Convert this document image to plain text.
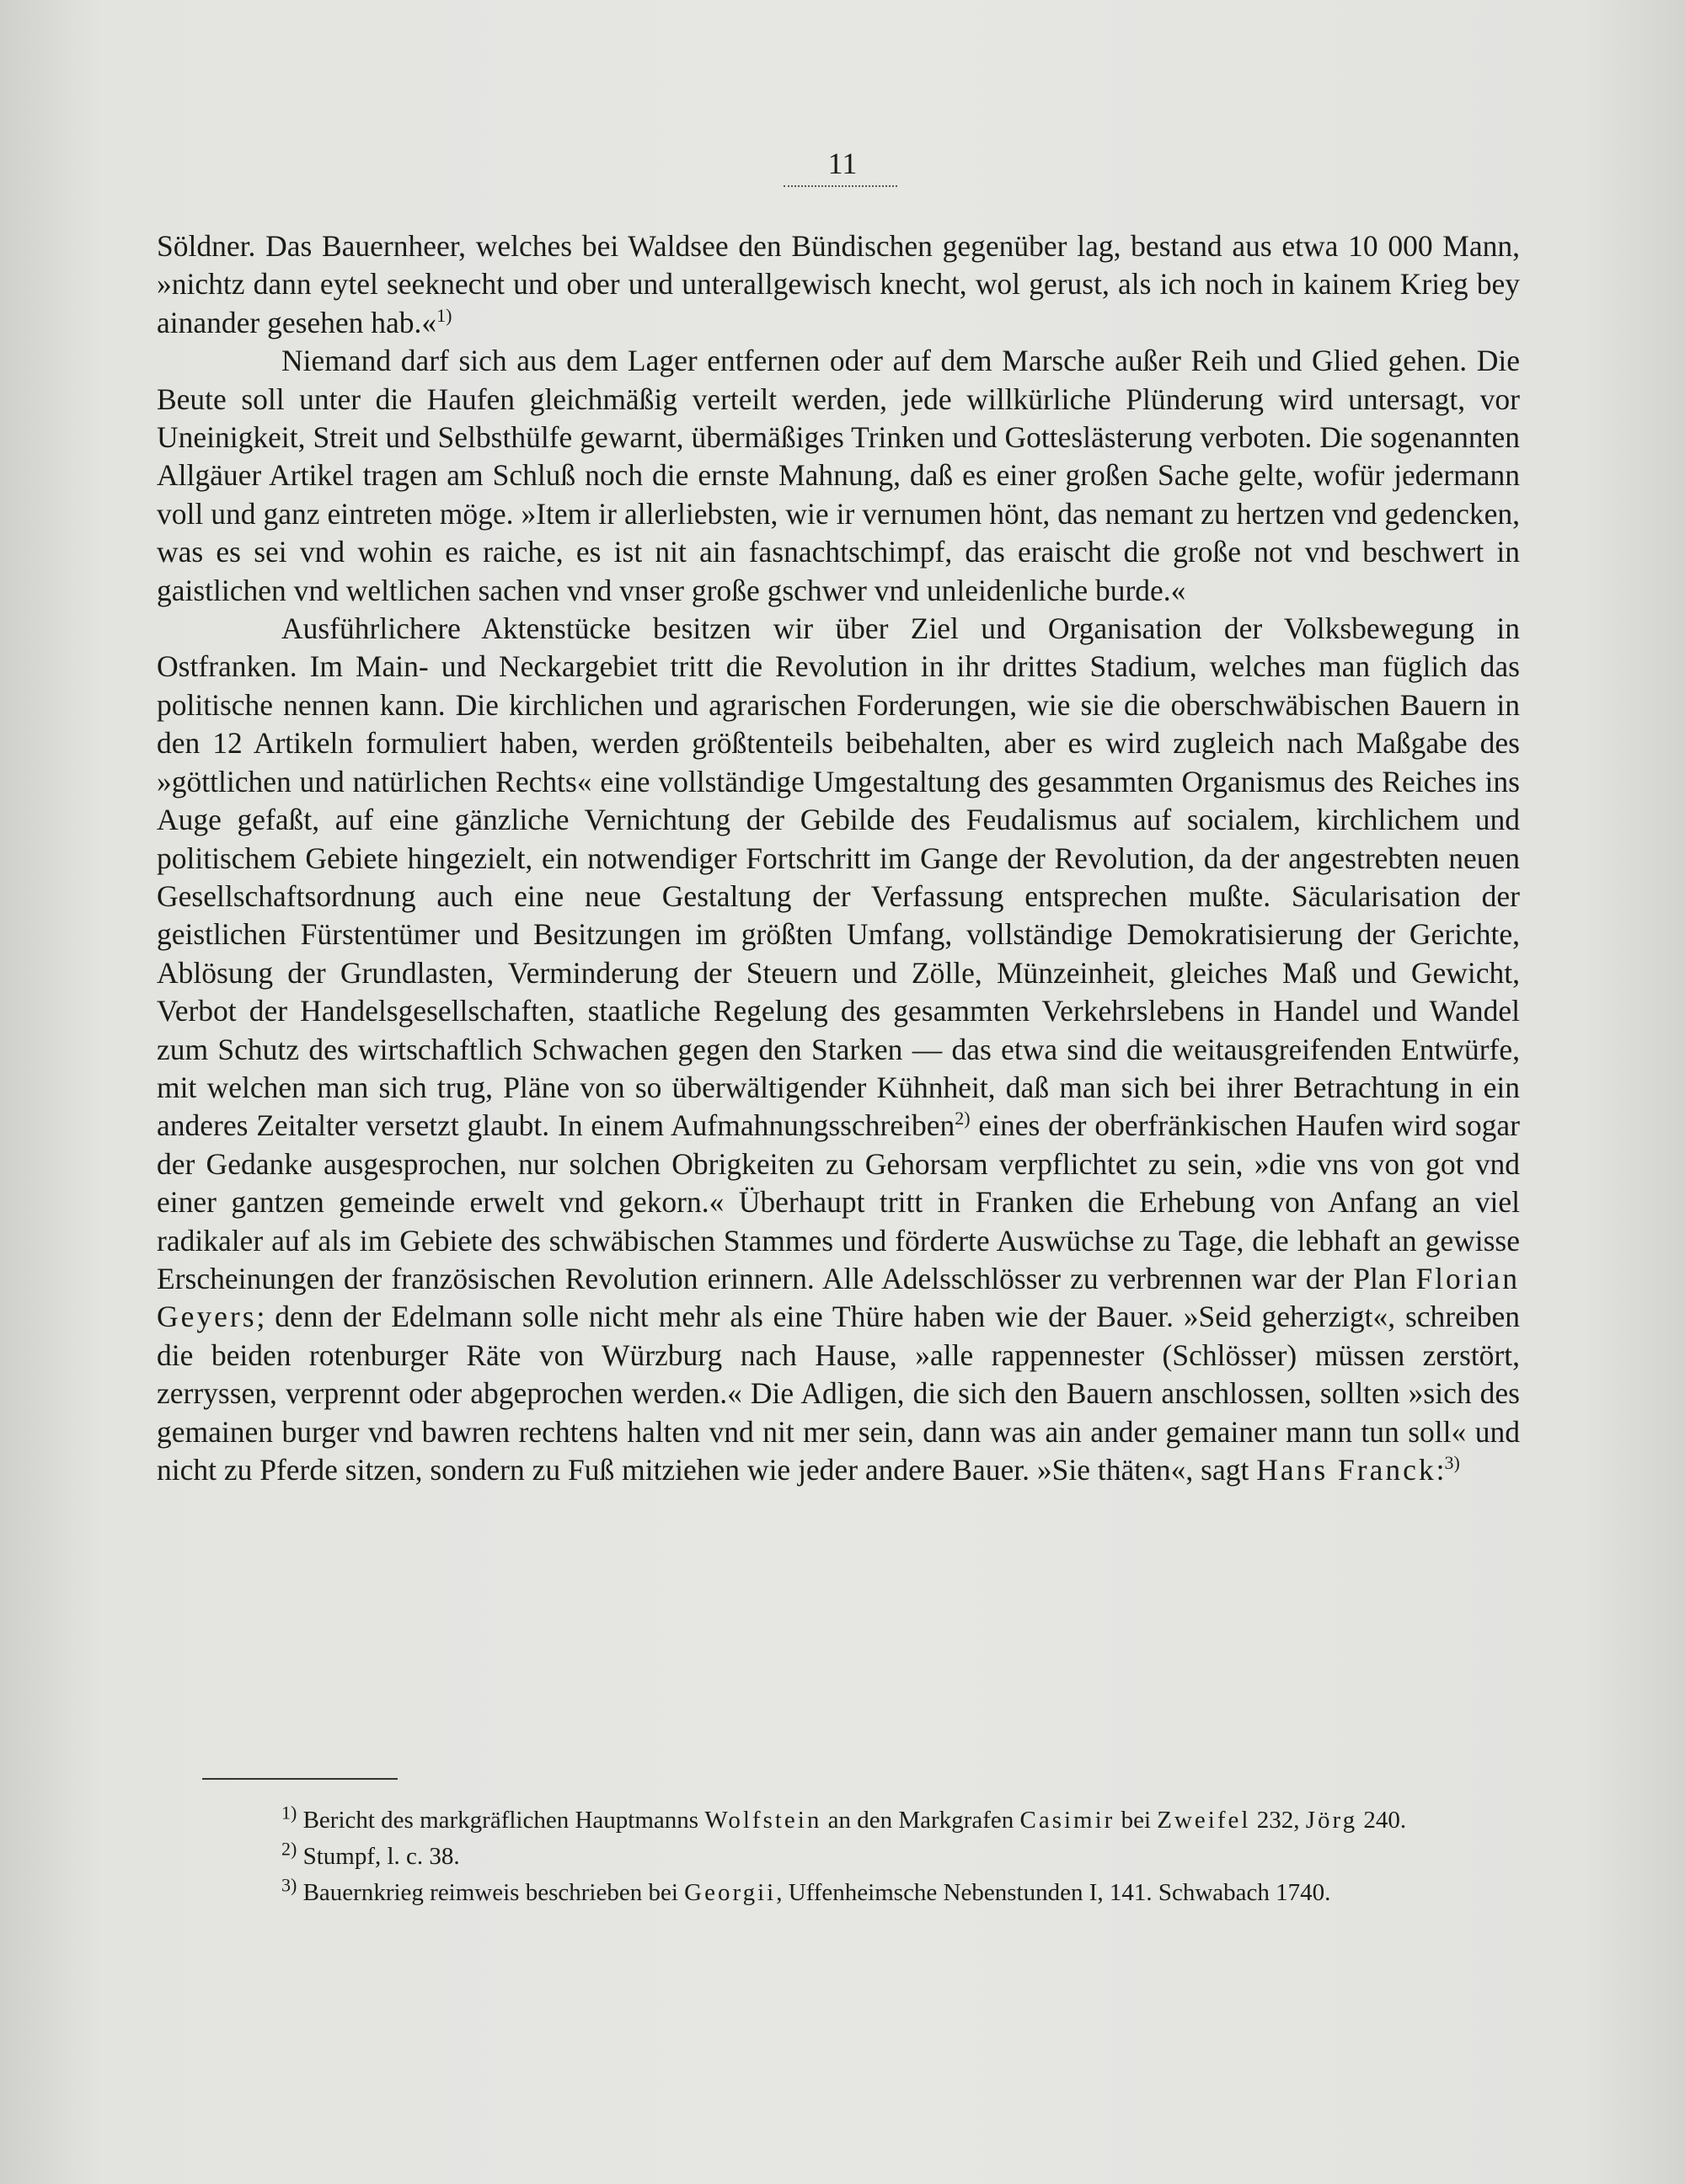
11

Söldner. Das Bauernheer, welches bei Waldsee den Bündischen gegenüber lag, bestand aus etwa 10 000 Mann, »nichtz dann eytel seeknecht und ober und unterallgewisch knecht, wol gerust, als ich noch in kainem Krieg bey ainander gesehen hab.«$^{1)}$

Niemand darf sich aus dem Lager entfernen oder auf dem Marsche außer Reih und Glied gehen. Die Beute soll unter die Haufen gleichmäßig verteilt werden, jede willkürliche Plünderung wird untersagt, vor Uneinigkeit, Streit und Selbsthülfe gewarnt, übermäßiges Trinken und Gotteslästerung verboten. Die sogenannten Allgäuer Artikel tragen am Schluß noch die ernste Mahnung, daß es einer großen Sache gelte, wofür jedermann voll und ganz eintreten möge. »Item ir allerliebsten, wie ir vernumen hönt, das nemant zu hertzen vnd gedencken, was es sei vnd wohin es raiche, es ist nit ain fasnachtschimpf, das eraischt die große not vnd beschwert in gaistlichen vnd weltlichen sachen vnd vnser große gschwer vnd unleidenliche burde.«

Ausführlichere Aktenstücke besitzen wir über Ziel und Organisation der Volksbewegung in Ostfranken. Im Main- und Neckargebiet tritt die Revolution in ihr drittes Stadium, welches man füglich das politische nennen kann. Die kirchlichen und agrarischen Forderungen, wie sie die oberschwäbischen Bauern in den 12 Artikeln formuliert haben, werden größtenteils beibehalten, aber es wird zugleich nach Maßgabe des »göttlichen und natürlichen Rechts« eine vollständige Umgestaltung des gesammten Organismus des Reiches ins Auge gefaßt, auf eine gänzliche Vernichtung der Gebilde des Feudalismus auf socialem, kirchlichem und politischem Gebiete hingezielt, ein notwendiger Fortschritt im Gange der Revolution, da der angestrebten neuen Gesellschaftsordnung auch eine neue Gestaltung der Verfassung entsprechen mußte. Säcularisation der geistlichen Fürstentümer und Besitzungen im größten Umfang, vollständige Demokratisierung der Gerichte, Ablösung der Grundlasten, Verminderung der Steuern und Zölle, Münzeinheit, gleiches Maß und Gewicht, Verbot der Handelsgesellschaften, staatliche Regelung des gesammten Verkehrslebens in Handel und Wandel zum Schutz des wirtschaftlich Schwachen gegen den Starken — das etwa sind die weitausgreifenden Entwürfe, mit welchen man sich trug, Pläne von so überwältigender Kühnheit, daß man sich bei ihrer Betrachtung in ein anderes Zeitalter versetzt glaubt. In einem Aufmahnungsschreiben$^{2)}$ eines der oberfränkischen Haufen wird sogar der Gedanke ausgesprochen, nur solchen Obrigkeiten zu Gehorsam verpflichtet zu sein, »die vns von got vnd einer gantzen gemeinde erwelt vnd gekorn.« Überhaupt tritt in Franken die Erhebung von Anfang an viel radikaler auf als im Gebiete des schwäbischen Stammes und förderte Auswüchse zu Tage, die lebhaft an gewisse Erscheinungen der französischen Revolution erinnern. Alle Adelsschlösser zu verbrennen war der Plan Florian Geyers; denn der Edelmann solle nicht mehr als eine Thüre haben wie der Bauer. »Seid geherzigt«, schreiben die beiden rotenburger Räte von Würzburg nach Hause, »alle rappennester (Schlösser) müssen zerstört, zerryssen, verprennt oder abgeprochen werden.« Die Adligen, die sich den Bauern anschlossen, sollten »sich des gemainen burger vnd bawren rechtens halten vnd nit mer sein, dann was ain ander gemainer mann tun soll« und nicht zu Pferde sitzen, sondern zu Fuß mitziehen wie jeder andere Bauer. »Sie thäten«, sagt Hans Franck:$^{3)}$

$^{1)}$ Bericht des markgräflichen Hauptmanns Wolfstein an den Markgrafen Casimir bei Zweifel 232, Jörg 240.

$^{2)}$ Stumpf, l. c. 38.

$^{3)}$ Bauernkrieg reimweis beschrieben bei Georgii, Uffenheimsche Nebenstunden I, 141. Schwabach 1740.
